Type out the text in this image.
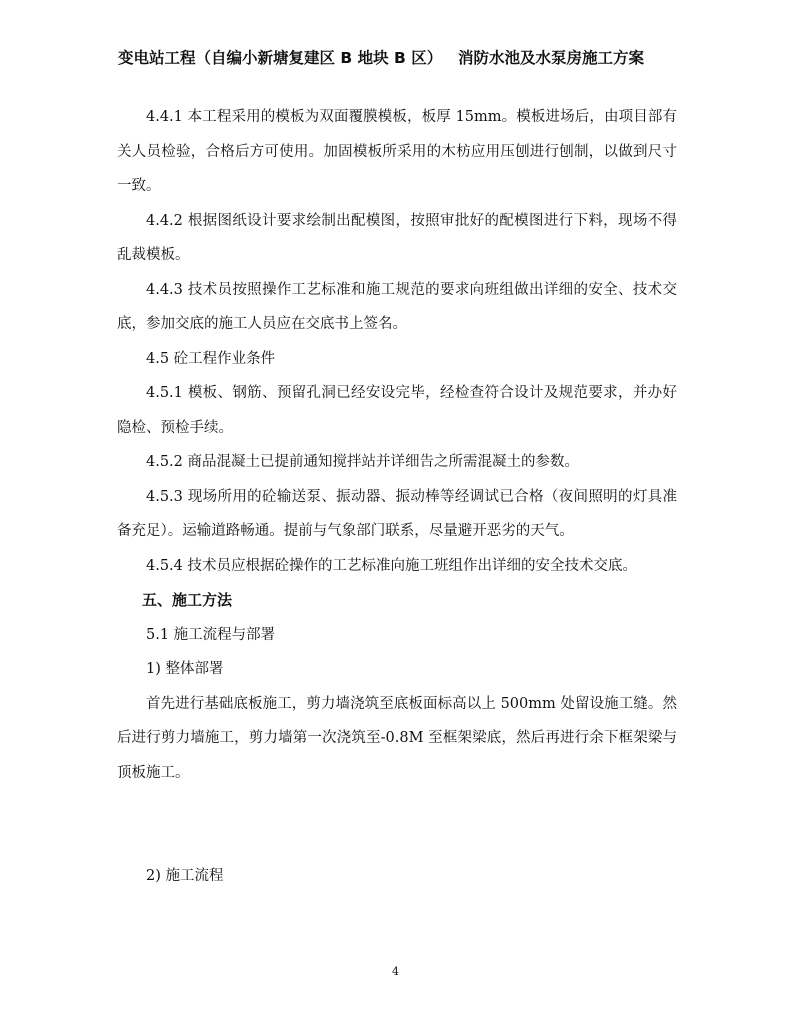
变电站工程（自编小新塘复建区 B 地块 B 区） 消防水池及水泵房施工方案

4.4.1 本工程采用的模板为双面覆膜模板，板厚 15mm。模板进场后，由项目部有关人员检验，合格后方可使用。加固模板所采用的木枋应用压刨进行刨制，以做到尺寸一致。

4.4.2 根据图纸设计要求绘制出配模图，按照审批好的配模图进行下料，现场不得乱裁模板。

4.4.3 技术员按照操作工艺标准和施工规范的要求向班组做出详细的安全、技术交底，参加交底的施工人员应在交底书上签名。

4.5 砼工程作业条件

4.5.1 模板、钢筋、预留孔洞已经安设完毕，经检查符合设计及规范要求，并办好隐检、预检手续。

4.5.2 商品混凝土已提前通知搅拌站并详细告之所需混凝土的参数。

4.5.3 现场所用的砼输送泵、振动器、振动棒等经调试已合格（夜间照明的灯具准备充足）。运输道路畅通。提前与气象部门联系，尽量避开恶劣的天气。

4.5.4 技术员应根据砼操作的工艺标准向施工班组作出详细的安全技术交底。

五、施工方法

5.1 施工流程与部署

1) 整体部署

首先进行基础底板施工，剪力墙浇筑至底板面标高以上 500mm 处留设施工缝。然后进行剪力墙施工，剪力墙第一次浇筑至-0.8M 至框架梁底，然后再进行余下框架梁与顶板施工。

2) 施工流程

4
